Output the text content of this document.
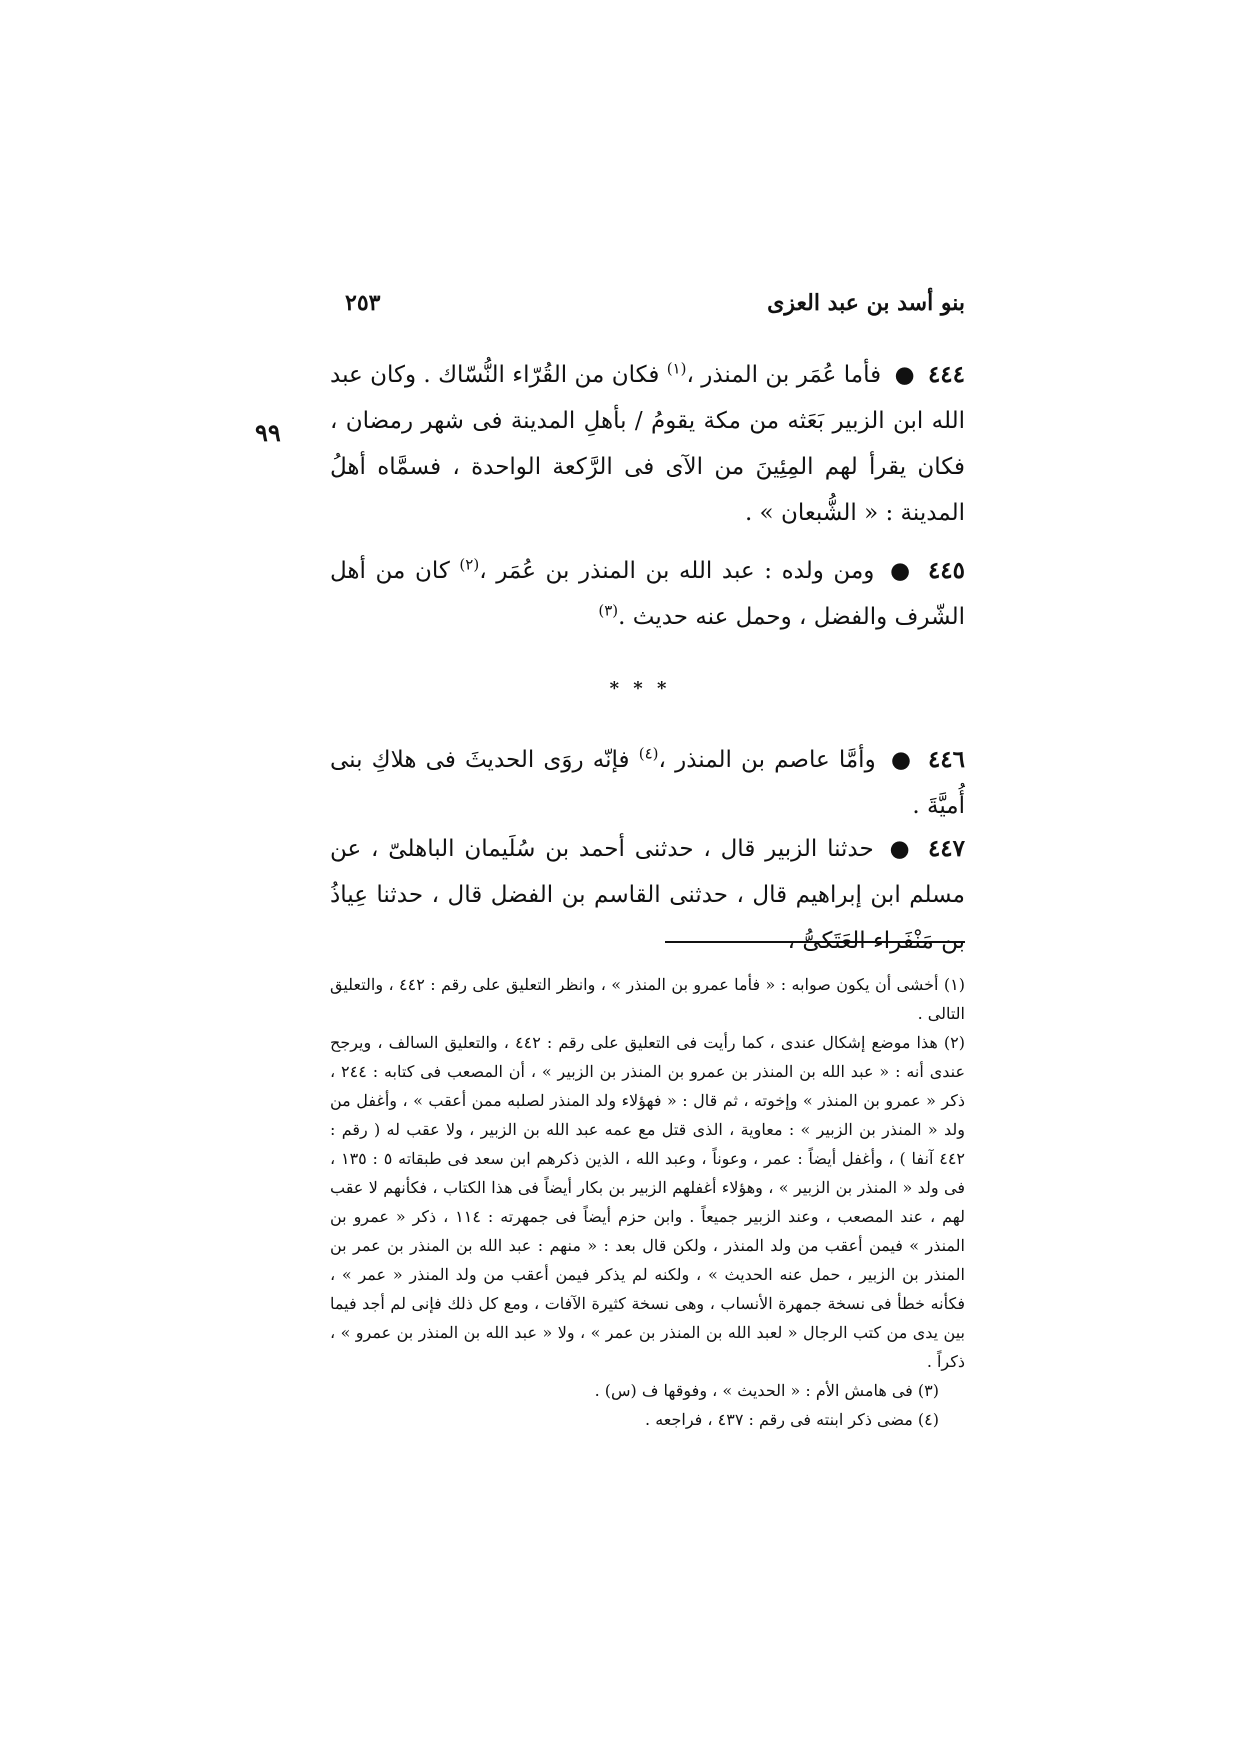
٢٥٣	بنو أسد بن عبد العزى
٩٩
٤٤٤ ● فأما عُمَر بن المنذر ،$^{(١)}$ فكان من القُرّاء النُّسّاك . وكان عبد الله ابن الزبير بَعَثه من مكة يقومُ / بأهلِ المدينة فى شهر رمضان ، فكان يقرأ لهم المِئِينَ من الآى فى الرَّكعة الواحدة ، فسمَّاه أهلُ المدينة : « الشُّبعان » .
٤٤٥ ● ومن ولده : عبد الله بن المنذر بن عُمَر ،$^{(٢)}$ كان من أهل الشّرف والفضل ، وحمل عنه حديث .$^{(٣)}$
* * *
٤٤٦ ● وأمَّا عاصم بن المنذر ،$^{(٤)}$ فإنّه روَى الحديثَ فى هلاكِ بنى أُميَّةَ .
٤٤٧ ● حدثنا الزبير قال ، حدثنى أحمد بن سُلَيمان الباهلىّ ، عن مسلم ابن إبراهيم قال ، حدثنى القاسم بن الفضل قال ، حدثنا عِياذُ بن مَنْفَراء العَتَكىُّ ،

(١) أخشى أن يكون صوابه : « فأما عمرو بن المنذر » ، وانظر التعليق على رقم : ٤٤٢ ، والتعليق التالى .

(٢) هذا موضع إشكال عندى ، كما رأيت فى التعليق على رقم : ٤٤٢ ، والتعليق السالف ، ويرجح عندى أنه : « عبد الله بن المنذر بن عمرو بن المنذر بن الزبير » ، أن المصعب فى كتابه : ٢٤٤ ، ذكر « عمرو بن المنذر » وإخوته ، ثم قال : « فهؤلاء ولد المنذر لصلبه ممن أعقب » ، وأغفل من ولد « المنذر بن الزبير » : معاوية ، الذى قتل مع عمه عبد الله بن الزبير ، ولا عقب له ( رقم : ٤٤٢ آنفا ) ، وأغفل أيضاً : عمر ، وعوناً ، وعبد الله ، الذين ذكرهم ابن سعد فى طبقاته ٥ : ١٣٥ ، فى ولد « المنذر بن الزبير » ، وهؤلاء أغفلهم الزبير بن بكار أيضاً فى هذا الكتاب ، فكأنهم لا عقب لهم ، عند المصعب ، وعند الزبير جميعاً . وابن حزم أيضاً فى جمهرته : ١١٤ ، ذكر « عمرو بن المنذر » فيمن أعقب من ولد المنذر ، ولكن قال بعد : « منهم : عبد الله بن المنذر بن عمر بن المنذر بن الزبير ، حمل عنه الحديث » ، ولكنه لم يذكر فيمن أعقب من ولد المنذر « عمر » ، فكأنه خطأ فى نسخة جمهرة الأنساب ، وهى نسخة كثيرة الآفات ، ومع كل ذلك فإنى لم أجد فيما بين يدى من كتب الرجال « لعبد الله بن المنذر بن عمر » ، ولا « عبد الله بن المنذر بن عمرو » ، ذكراً .

(٣) فى هامش الأم : « الحديث » ، وفوقها ف (س) .

(٤) مضى ذكر ابنته فى رقم : ٤٣٧ ، فراجعه .
